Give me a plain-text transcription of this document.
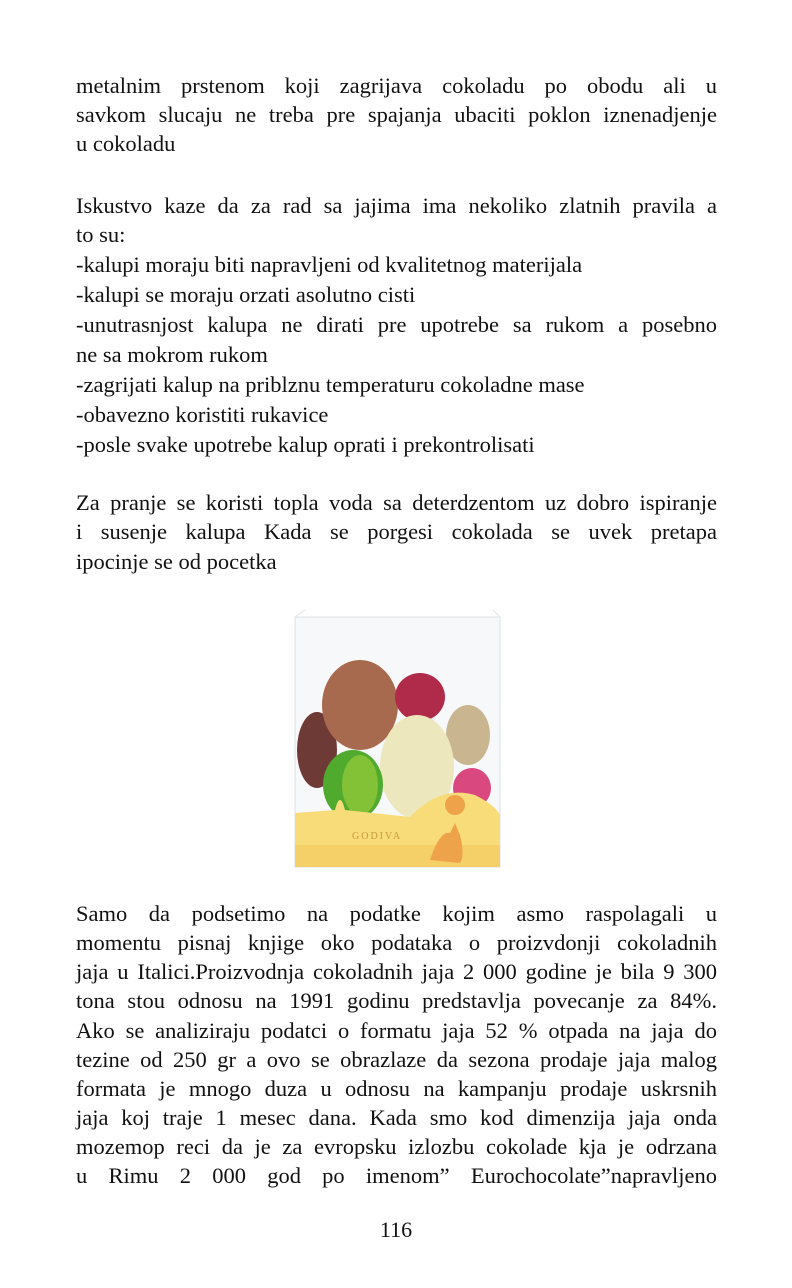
metalnim prstenom koji zagrijava cokoladu po obodu ali u
savkom slucaju ne treba pre spajanja ubaciti poklon iznenadjenje
u cokoladu
Iskustvo kaze da za rad sa jajima ima nekoliko zlatnih pravila a
to su:
-kalupi moraju biti napravljeni od kvalitetnog materijala
-kalupi se moraju orzati asolutno cisti
-unutrasnjost kalupa ne dirati pre upotrebe sa rukom a posebno
ne sa mokrom rukom
-zagrijati kalup na priblznu temperaturu cokoladne mase
-obavezno koristiti rukavice
-posle svake upotrebe kalup oprati i prekontrolisati
Za pranje se koristi topla voda sa deterdzentom uz dobro ispiranje
i susenje kalupa Kada se porgesi cokolada se uvek pretapa
ipocinje se od pocetka
Samo da podsetimo na podatke kojim asmo raspolagali u
momentu pisnaj knjige oko podataka o proizvdonji cokoladnih
jaja u Italici.Proizvodnja cokoladnih jaja 2 000 godine je bila 9 300
tona stou odnosu na 1991 godinu predstavlja povecanje za 84%.
Ako se analiziraju podatci o formatu jaja 52 % otpada na jaja do
tezine od 250 gr a ovo se obrazlaze da sezona prodaje jaja malog
formata je mnogo duza u odnosu na kampanju prodaje uskrsnih
jaja koj traje 1 mesec dana. Kada smo kod dimenzija jaja onda
mozemop reci da je za evropsku izlozbu cokolade kja je odrzana
u Rimu 2 000 god po imenom” Eurochocolate”napravljeno
GODIVA
116
